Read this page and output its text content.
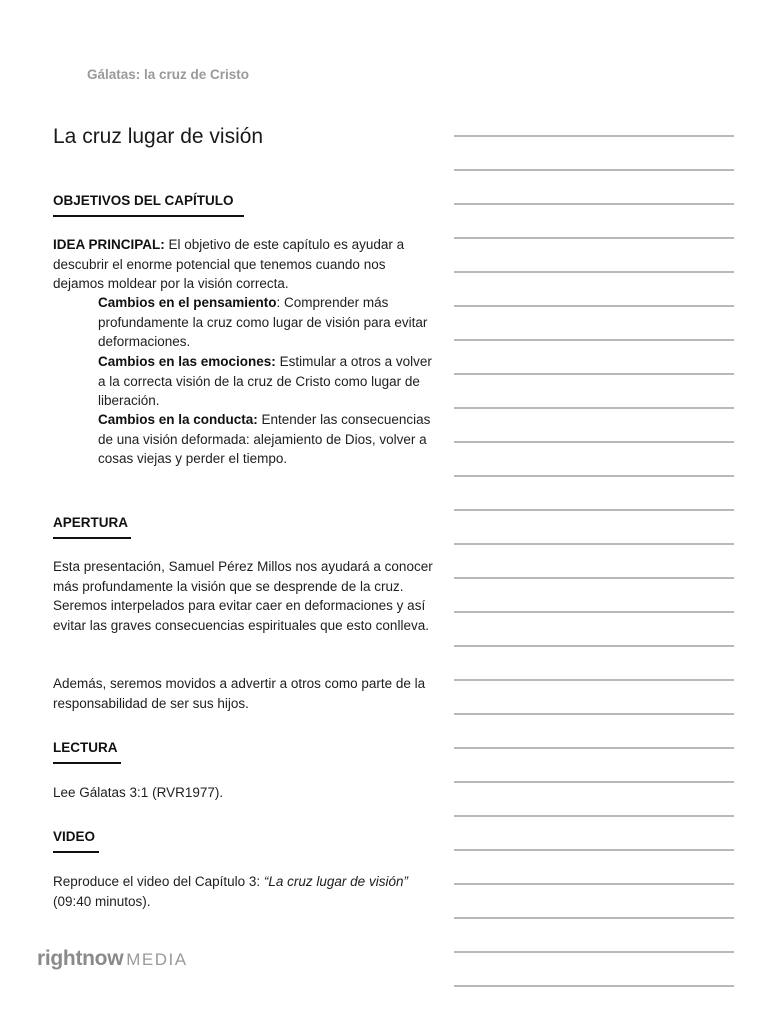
Gálatas: la cruz de Cristo
La cruz lugar de visión
OBJETIVOS DEL CAPÍTULO

IDEA PRINCIPAL: El objetivo de este capítulo es ayudar a descubrir el enorme potencial que tenemos cuando nos dejamos moldear por la visión correcta.

Cambios en el pensamiento: Comprender más profundamente la cruz como lugar de visión para evitar deformaciones.

Cambios en las emociones: Estimular a otros a volver a la correcta visión de la cruz de Cristo como lugar de liberación.

Cambios en la conducta: Entender las consecuencias de una visión deformada: alejamiento de Dios, volver a cosas viejas y perder el tiempo.

APERTURA

Esta presentación, Samuel Pérez Millos nos ayudará a conocer más profundamente la visión que se desprende de la cruz. Seremos interpelados para evitar caer en deformaciones y así evitar las graves consecuencias espirituales que esto conlleva.

Además, seremos movidos a advertir a otros como parte de la responsabilidad de ser sus hijos.

LECTURA

Lee Gálatas 3:1 (RVR1977).

VIDEO

Reproduce el video del Capítulo 3: “La cruz lugar de visión” (09:40 minutos).

rightnow MEDIA
